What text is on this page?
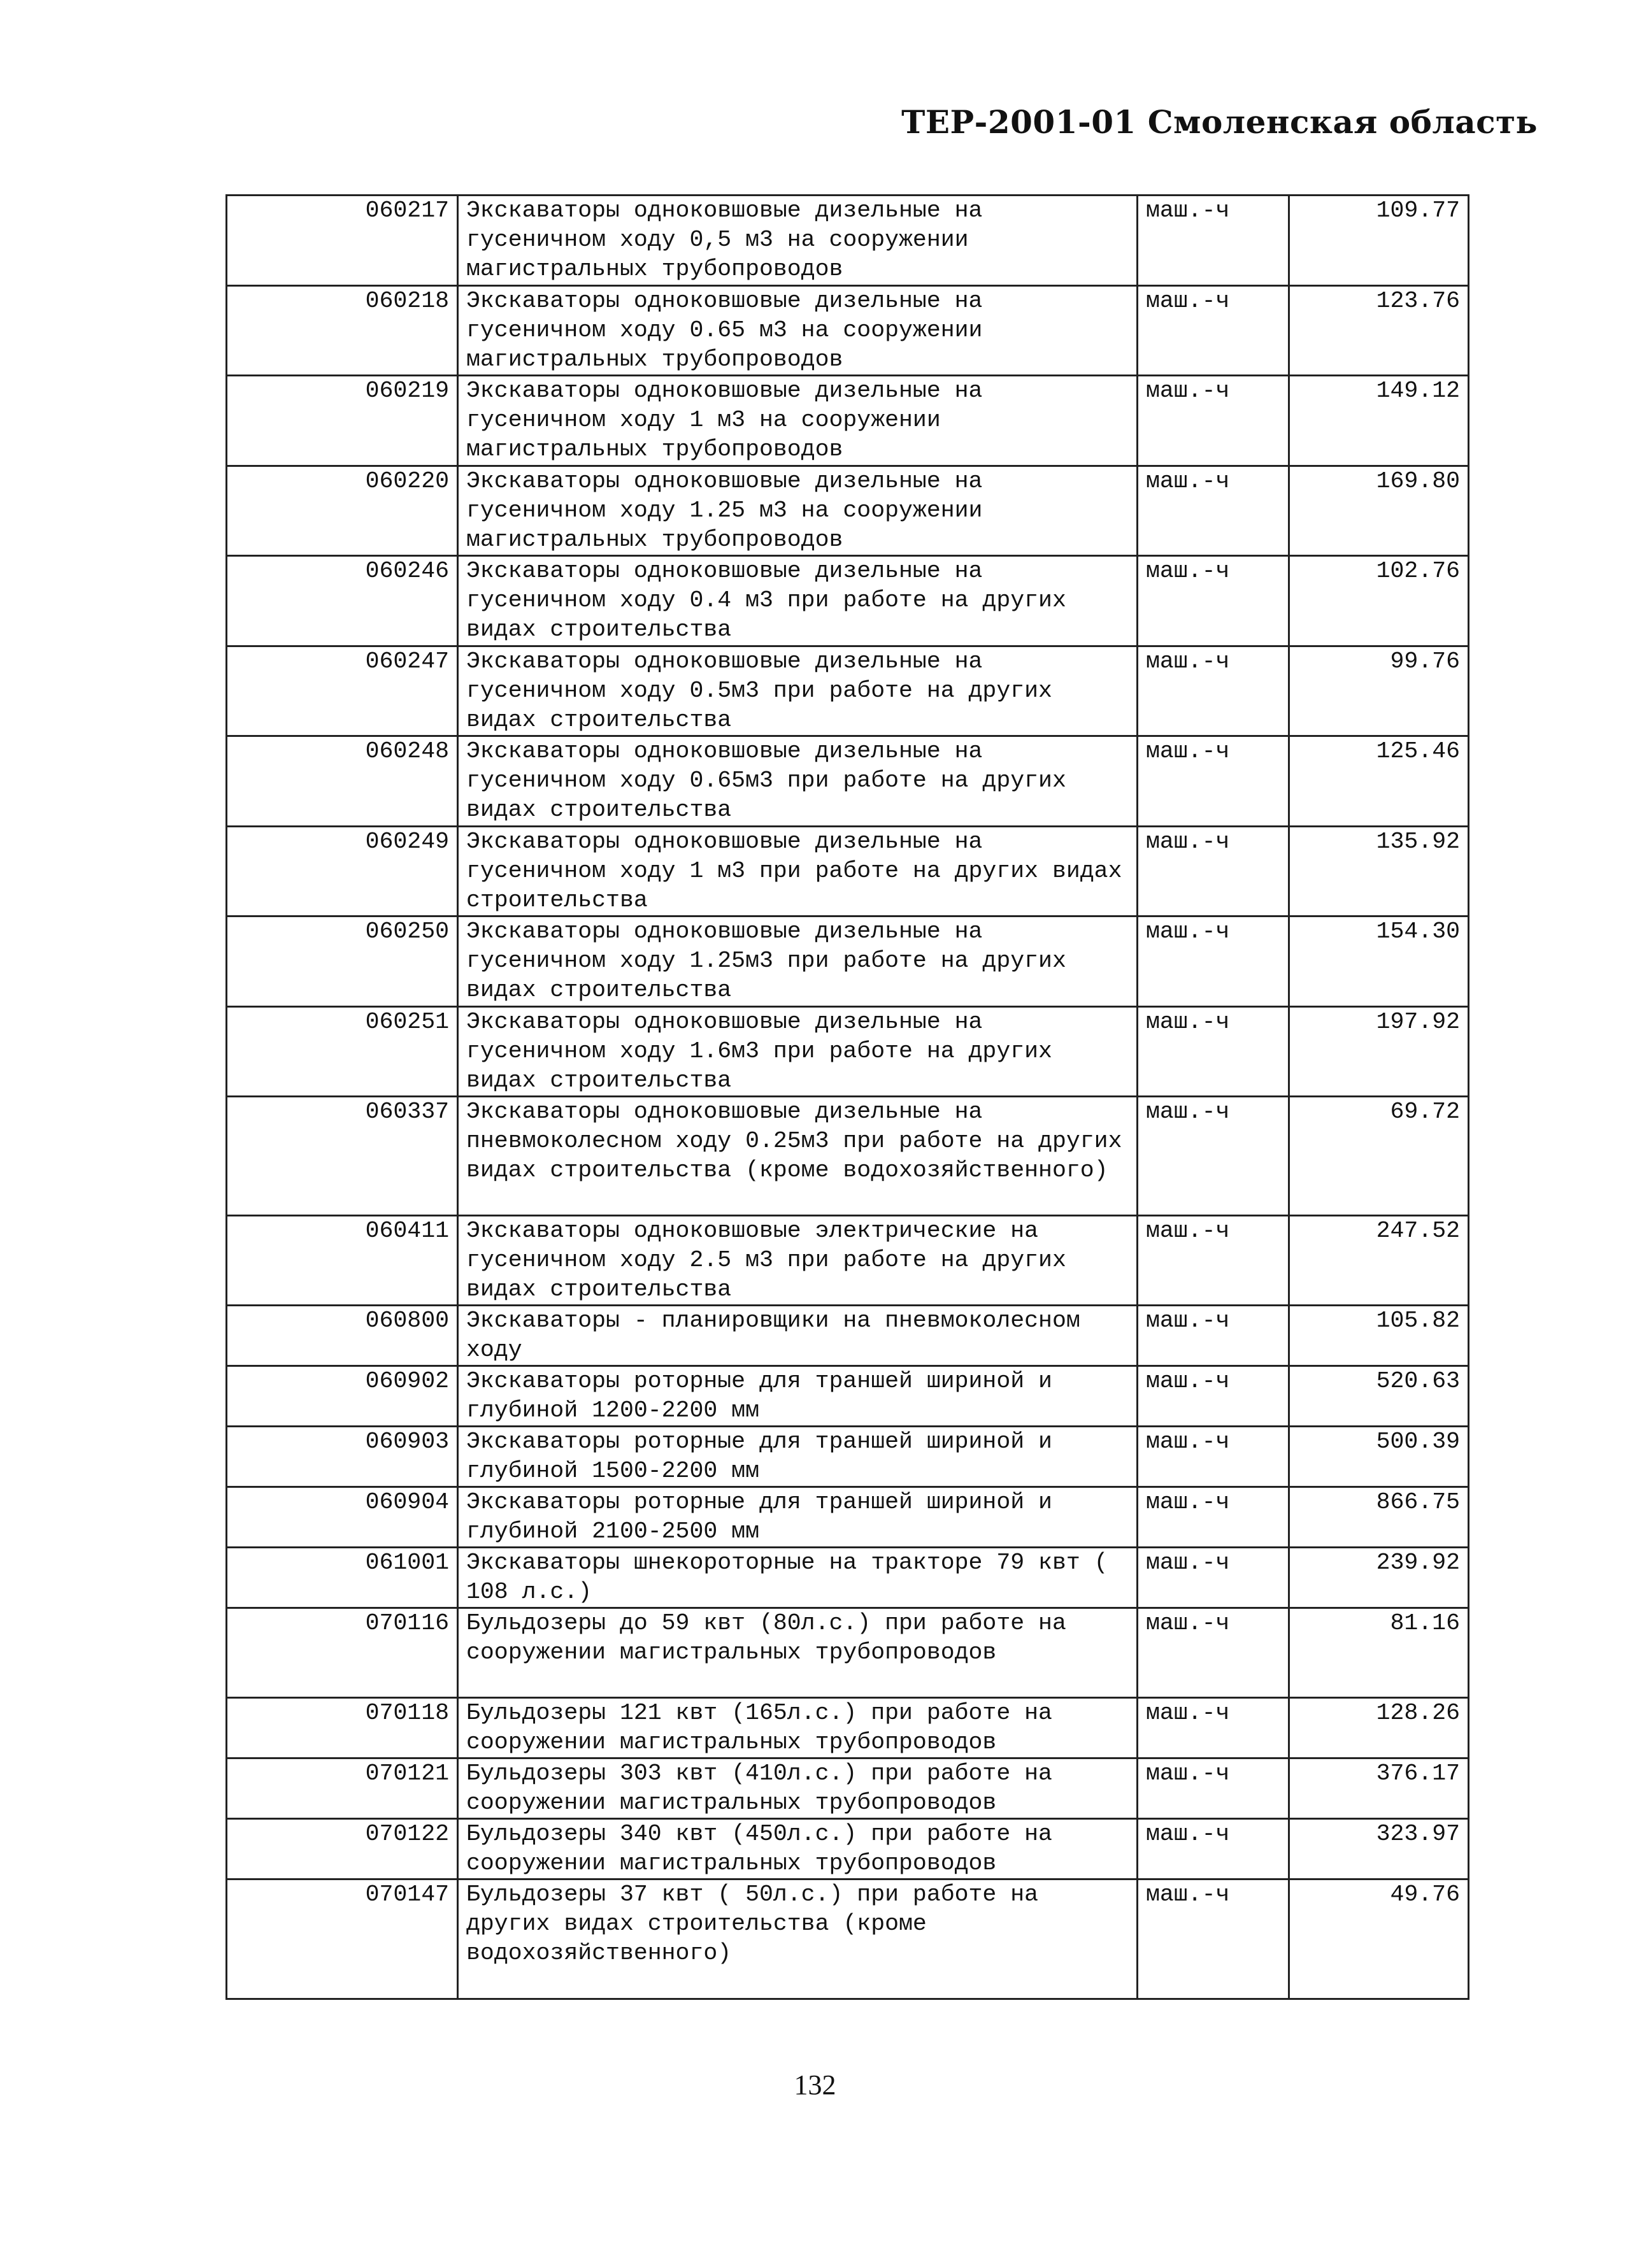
ТЕР-2001-01 Смоленская область
060217	Экскаваторы одноковшовые дизельные на гусеничном ходу 0,5 м3 на сооружении магистральных трубопроводов	маш.-ч	109.77
060218	Экскаваторы одноковшовые дизельные на гусеничном ходу 0.65 м3 на сооружении магистральных трубопроводов	маш.-ч	123.76
060219	Экскаваторы одноковшовые дизельные на гусеничном ходу 1 м3 на сооружении магистральных трубопроводов	маш.-ч	149.12
060220	Экскаваторы одноковшовые дизельные на гусеничном ходу 1.25 м3 на сооружении магистральных трубопроводов	маш.-ч	169.80
060246	Экскаваторы одноковшовые дизельные на гусеничном ходу 0.4 м3 при работе на других видах строительства	маш.-ч	102.76
060247	Экскаваторы одноковшовые дизельные на гусеничном ходу 0.5м3 при работе на других видах строительства	маш.-ч	99.76
060248	Экскаваторы одноковшовые дизельные на гусеничном ходу 0.65м3 при работе на других видах строительства	маш.-ч	125.46
060249	Экскаваторы одноковшовые дизельные на гусеничном ходу 1 м3 при работе на других видах строительства	маш.-ч	135.92
060250	Экскаваторы одноковшовые дизельные на гусеничном ходу 1.25м3 при работе на других видах строительства	маш.-ч	154.30
060251	Экскаваторы одноковшовые дизельные на гусеничном ходу 1.6м3 при работе на других видах строительства	маш.-ч	197.92
060337	Экскаваторы одноковшовые дизельные на пневмоколесном ходу 0.25м3 при работе на других видах строительства (кроме водохозяйственного)	маш.-ч	69.72
060411	Экскаваторы одноковшовые электрические на гусеничном ходу 2.5 м3 при работе на других видах строительства	маш.-ч	247.52
060800	Экскаваторы - планировщики на пневмоколесном ходу	маш.-ч	105.82
060902	Экскаваторы роторные для траншей шириной и глубиной 1200-2200 мм	маш.-ч	520.63
060903	Экскаваторы роторные для траншей шириной и глубиной 1500-2200 мм	маш.-ч	500.39
060904	Экскаваторы роторные для траншей шириной и глубиной 2100-2500 мм	маш.-ч	866.75
061001	Экскаваторы шнекороторные на тракторе 79 квт ( 108 л.с.)	маш.-ч	239.92
070116	Бульдозеры до 59 квт (80л.с.) при работе на сооружении магистральных трубопроводов	маш.-ч	81.16
070118	Бульдозеры 121 квт (165л.с.) при работе на сооружении магистральных трубопроводов	маш.-ч	128.26
070121	Бульдозеры 303 квт (410л.с.) при работе на сооружении магистральных трубопроводов	маш.-ч	376.17
070122	Бульдозеры 340 квт (450л.с.) при работе на сооружении магистральных трубопроводов	маш.-ч	323.97
070147	Бульдозеры 37 квт ( 50л.с.) при работе на других видах строительства (кроме водохозяйственного)	маш.-ч	49.76
132
